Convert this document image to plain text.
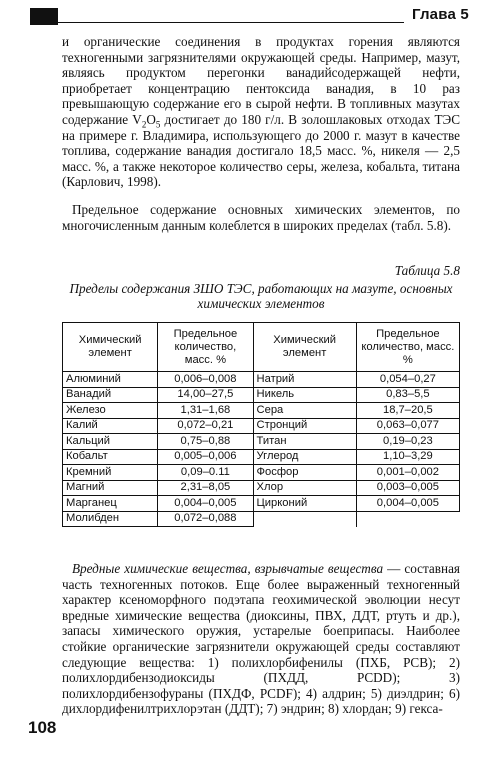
Глава 5
и органические соединения в продуктах горения являются техногенными загрязнителями окружающей среды. Например, мазут, являясь продуктом перегонки ванадийсодержащей нефти, приобретает концентрацию пентоксида ванадия, в 10 раз превышающую содержание его в сырой нефти. В топливных мазутах содержание $V_2O_5$ достигает до 180 г/л. В золошлаковых отходах ТЭС на примере г. Владимира, использующего до 2000 г. мазут в качестве топлива, содержание ванадия достигало 18,5 масс. %, никеля — 2,5 масс. %, а также некоторое количество серы, железа, кобальта, титана (Карлович, 1998).
Предельное содержание основных химических элементов, по многочисленным данным колеблется в широких пределах (табл. 5.8).
Таблица 5.8
Пределы содержания ЗШО ТЭС, работающих на мазуте, основных химических элементов
Химический элемент	Предельное количество, масс. %	Химический элемент	Предельное количество, масс. %
Алюминий	0,006–0,008	Натрий	0,054–0,27
Ванадий	14,00–27,5	Никель	0,83–5,5
Железо	1,31–1,68	Сера	18,7–20,5
Калий	0,072–0,21	Стронций	0,063–0,077
Кальций	0,75–0,88	Титан	0,19–0,23
Кобальт	0,005–0,006	Углерод	1,10–3,29
Кремний	0,09–0.11	Фосфор	0,001–0,002
Магний	2,31–8,05	Хлор	0,003–0,005
Марганец	0,004–0,005	Цирконий	0,004–0,005
Молибден	0,072–0,088		
Вредные химические вещества, взрывчатые вещества — составная часть техногенных потоков. Еще более выраженный техногенный характер ксеноморфного подэтапа геохимической эволюции несут вредные химические вещества (диоксины, ПВХ, ДДТ, ртуть и др.), запасы химического оружия, устарелые боеприпасы. Наиболее стойкие органические загрязнители окружающей среды составляют следующие вещества: 1) полихлорбифенилы (ПХБ, PCB); 2) полихлордибензодиоксиды (ПХДД, PCDD); 3) полихлордибензофураны (ПХДФ, PCDF); 4) алдрин; 5) диэлдрин; 6) дихлордифенилтрихлорэтан (ДДТ); 7) эндрин; 8) хлордан; 9) гекса-
108
